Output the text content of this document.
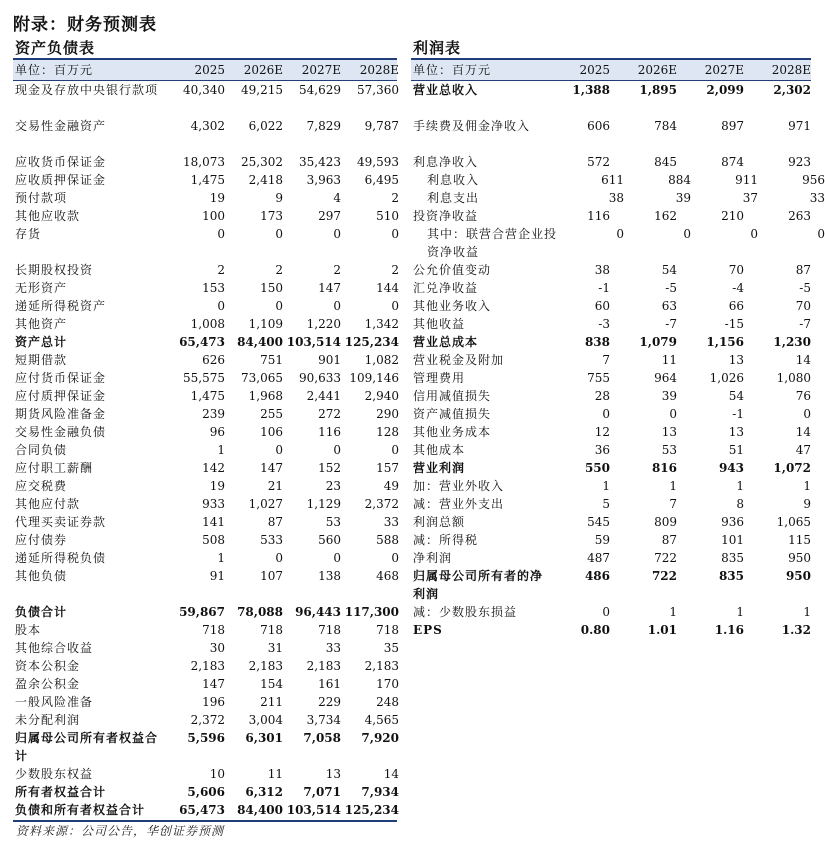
附录：财务预测表
资产负债表
单位：百万元	2025	2026E	2027E	2028E
现金及存放中央银行款项	40,340	49,215	54,629	57,360
交易性金融资产	4,302	6,022	7,829	9,787
应收货币保证金	18,073	25,302	35,423	49,593
应收质押保证金	1,475	2,418	3,963	6,495
预付款项	19	9	4	2
其他应收款	100	173	297	510
存货	0	0	0	0
长期股权投资	2	2	2	2
无形资产	153	150	147	144
递延所得税资产	0	0	0	0
其他资产	1,008	1,109	1,220	1,342
资产总计	65,473	84,400 103,514 125,234
短期借款	626	751	901	1,082
应付货币保证金	55,575	73,065	90,633 109,146
应付质押保证金	1,475	1,968	2,441	2,940
期货风险准备金	239	255	272	290
交易性金融负债	96	106	116	128
合同负债	1	0	0	0
应付职工薪酬	142	147	152	157
应交税费	19	21	23	49
其他应付款	933	1,027	1,129	2,372
代理买卖证券款	141	87	53	33
应付债券	508	533	560	588
递延所得税负债	1	0	0	0
其他负债	91	107	138	468
负债合计	59,867	78,088	96,443 117,300
股本	718	718	718	718
其他综合收益	30	31	33	35
资本公积金	2,183	2,183	2,183	2,183
盈余公积金	147	154	161	170
一般风险准备	196	211	229	248
未分配利润	2,372	3,004	3,734	4,565
归属母公司所有者权益合计
5,596	6,301	7,058	7,920
少数股东权益	10	11	13	14
所有者权益合计	5,606	6,312	7,071	7,934
负债和所有者权益合计	65,473	84,400 103,514 125,234
利润表
单位：百万元	2025	2026E	2027E	2028E
营业总收入	1,388	1,895	2,099	2,302
手续费及佣金净收入	606	784	897	971
利息净收入	572	845	874	923
利息收入	611	884	911	956
利息支出	38	39	37	33
投资净收益	116	162	210	263
其中：联营合营企业投资净收益
0	0	0	0
公允价值变动	38	54	70	87
汇兑净收益	-1	-5	-4	-5
其他业务收入	60	63	66	70
其他收益	-3	-7	-15	-7
营业总成本	838	1,079	1,156	1,230
营业税金及附加	7	11	13	14
管理费用	755	964	1,026	1,080
信用减值损失	28	39	54	76
资产减值损失	0	0	-1	0
其他业务成本	12	13	13	14
其他成本	36	53	51	47
营业利润	550	816	943	1,072
加：营业外收入	1	1	1	1
减：营业外支出	5	7	8	9
利润总额	545	809	936	1,065
减：所得税	59	87	101	115
净利润	487	722	835	950
归属母公司所有者的净利润
486	722	835	950
减：少数股东损益	0	1	1	1
EPS	0.80	1.01	1.16	1.32
资料来源：公司公告，华创证券预测
